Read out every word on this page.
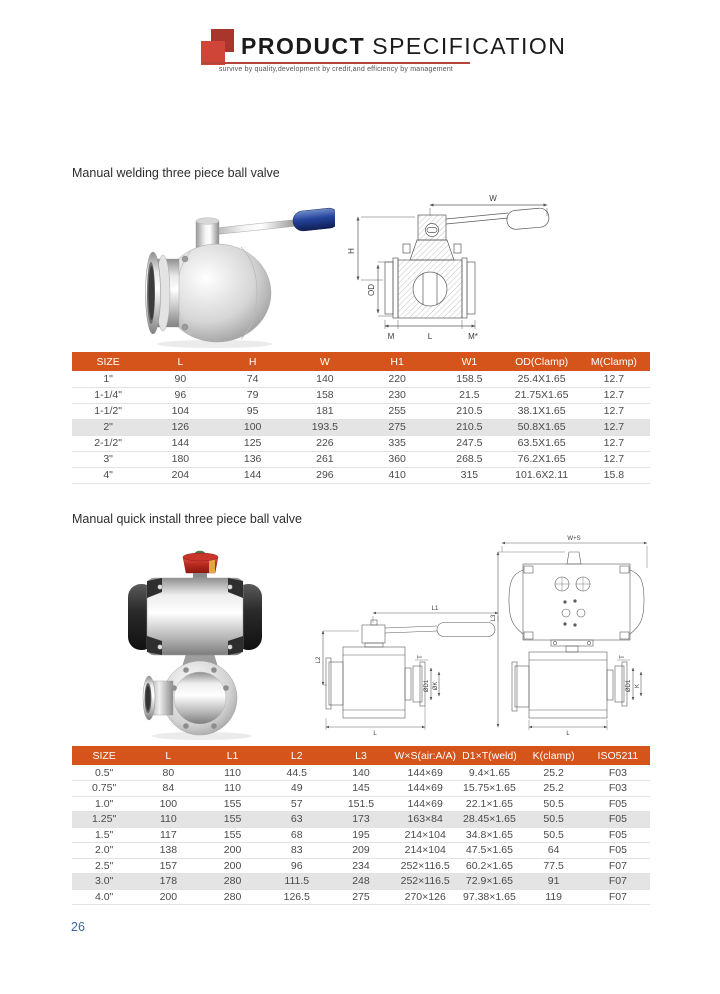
PRODUCT SPECIFICATION
survive by quality,development by credit,and efficiency by management
Manual welding three piece ball valve
W
H
OD
M	L	M*
Manual quick install three piece ball valve
L1
L2	T
ØD1 ØK
L
W+S
L3
T
ØD1 K
L
SIZE	L	H	W	H1	W1	OD(Clamp)	M(Clamp)
1"	90	74	140	220	158.5	25.4X1.65	12.7
1-1/4"	96	79	158	230	21.5	21.75X1.65	12.7
1-1/2"	104	95	181	255	210.5	38.1X1.65	12.7
2"	126	100	193.5	275	210.5	50.8X1.65	12.7
2-1/2"	144	125	226	335	247.5	63.5X1.65	12.7
3"	180	136	261	360	268.5	76.2X1.65	12.7
4"	204	144	296	410	315	101.6X2.11	15.8
SIZE	L	L1	L2	L3	W×S(air:A/A)	D1×T(weld)	K(clamp)	ISO5211
0.5"	80	110	44.5	140	144×69	9.4×1.65	25.2	F03
0.75"	84	110	49	145	144×69	15.75×1.65	25.2	F03
1.0"	100	155	57	151.5	144×69	22.1×1.65	50.5	F05
1.25"	110	155	63	173	163×84	28.45×1.65	50.5	F05
1.5"	117	155	68	195	214×104	34.8×1.65	50.5	F05
2.0"	138	200	83	209	214×104	47.5×1.65	64	F05
2.5"	157	200	96	234	252×116.5	60.2×1.65	77.5	F07
3.0"	178	280	111.5	248	252×116.5	72.9×1.65	91	F07
4.0"	200	280	126.5	275	270×126	97.38×1.65	119	F07
26
